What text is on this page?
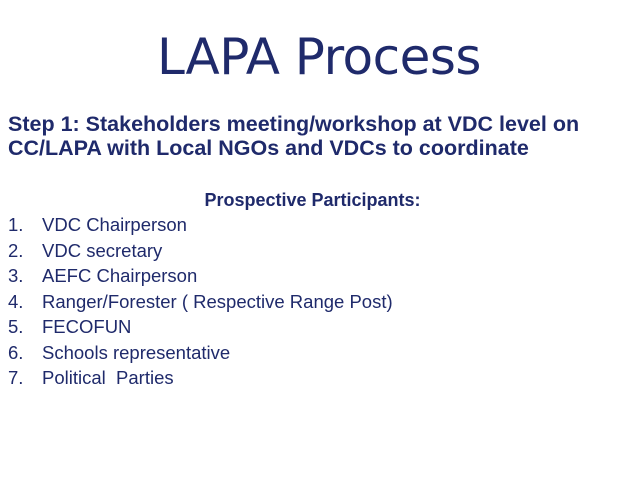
LAPA Process
Step 1: Stakeholders meeting/workshop at VDC level on CC/LAPA with Local NGOs and VDCs to coordinate
Prospective Participants:
1. VDC Chairperson
2. VDC secretary
3. AEFC Chairperson
4. Ranger/Forester ( Respective Range Post)
5. FECOFUN
6. Schools representative
7. Political  Parties
